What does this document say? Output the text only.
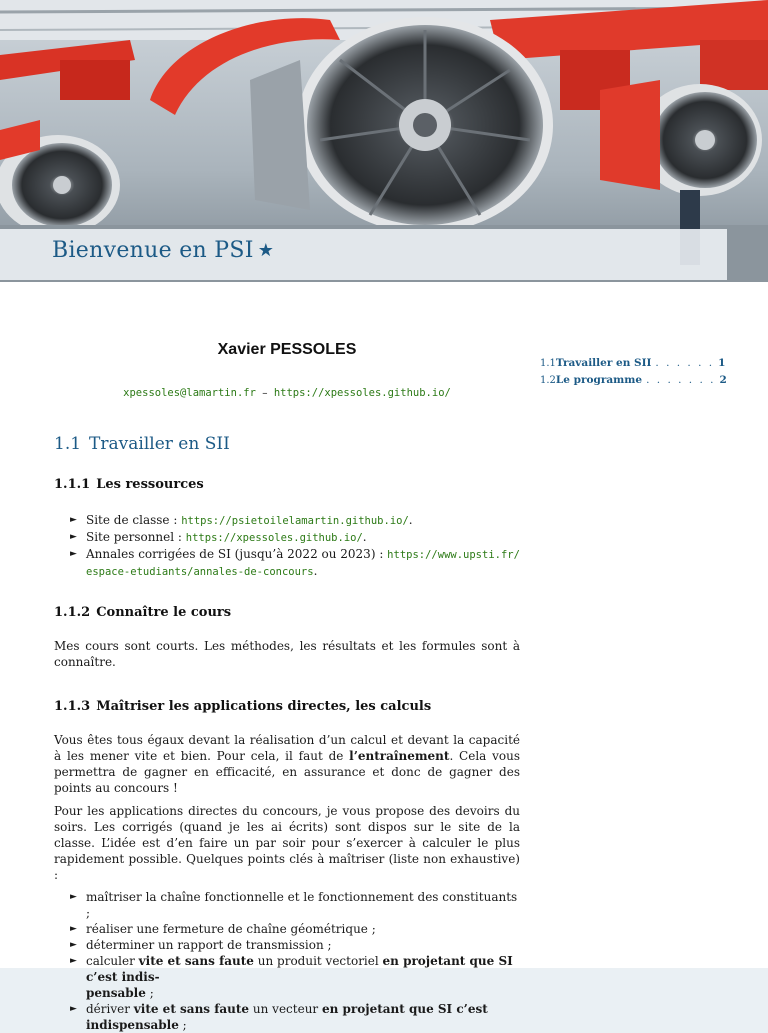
Bienvenue en PSI ★
Xavier PESSOLES
xpessoles@lamartin.fr – https://xpessoles.github.io/
1.1 Travailler en SII . . . . . . 1
1.2 Le programme . . . . . . . 2
1.1 Travailler en SII
1.1.1 Les ressources
► Site de classe : https://psietoilelamartin.github.io/.
► Site personnel : https://xpessoles.github.io/.
► Annales corrigées de SI (jusqu’à 2022 ou 2023) : https://www.upsti.fr/
espace-etudiants/annales-de-concours.
1.1.2 Connaître le cours

Mes cours sont courts. Les méthodes, les résultats et les formules sont à connaître.

1.1.3 Maîtriser les applications directes, les calculs

Vous êtes tous égaux devant la réalisation d’un calcul et devant la capacité à les mener vite et bien. Pour cela, il faut de l’entraînement. Cela vous permettra de gagner en efficacité, en assurance et donc de gagner des points au concours !

Pour les applications directes du concours, je vous propose des devoirs du soirs. Les corrigés (quand je les ai écrits) sont dispos sur le site de la classe. L’idée est d’en faire un par soir pour s’exercer à calculer le plus rapidement possible. Quelques points clés à maîtriser (liste non exhaustive) :

► maîtriser la chaîne fonctionnelle et le fonctionnement des constituants ;
► réaliser une fermeture de chaîne géométrique ;
► déterminer un rapport de transmission ;
► calculer vite et sans faute un produit vectoriel en projetant que SI c’est indis-
pensable ;
► dériver vite et sans faute un vecteur en projetant que SI c’est indispensable ;
